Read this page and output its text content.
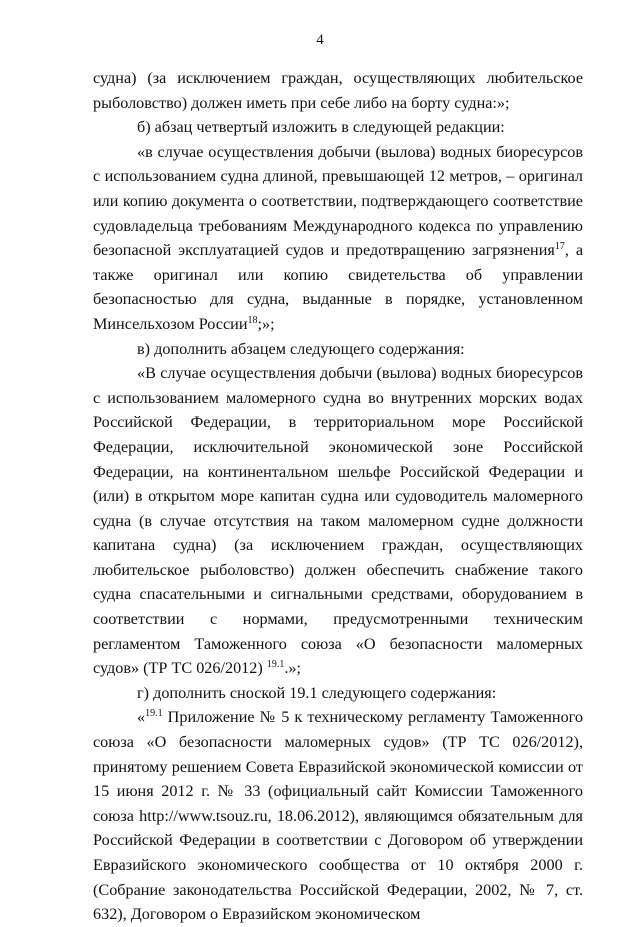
4

судна) (за исключением граждан, осуществляющих любительское рыболовство) должен иметь при себе либо на борту судна:»;

б) абзац четвертый изложить в следующей редакции:

«в случае осуществления добычи (вылова) водных биоресурсов с использованием судна длиной, превышающей 12 метров, – оригинал или копию документа о соответствии, подтверждающего соответствие судовладельца требованиям Международного кодекса по управлению безопасной эксплуатацией судов и предотвращению загрязнения$^{17}$, а также оригинал или копию свидетельства об управлении безопасностью для судна, выданные в порядке, установленном Минсельхозом России$^{18}$;»;

в) дополнить абзацем следующего содержания:

«В случае осуществления добычи (вылова) водных биоресурсов с использованием маломерного судна во внутренних морских водах Российской Федерации, в территориальном море Российской Федерации, исключительной экономической зоне Российской Федерации, на континентальном шельфе Российской Федерации и (или) в открытом море капитан судна или судоводитель маломерного судна (в случае отсутствия на таком маломерном судне должности капитана судна) (за исключением граждан, осуществляющих любительское рыболовство) должен обеспечить снабжение такого судна спасательными и сигнальными средствами, оборудованием в соответствии с нормами, предусмотренными техническим регламентом Таможенного союза «О безопасности маломерных судов» (ТР ТС 026/2012) $^{19.1}$.»;

г) дополнить сноской 19.1 следующего содержания:

«$^{19.1}$ Приложение № 5 к техническому регламенту Таможенного союза «О безопасности маломерных судов» (ТР ТС 026/2012), принятому решением Совета Евразийской экономической комиссии от 15 июня 2012 г. № 33 (официальный сайт Комиссии Таможенного союза http://www.tsouz.ru, 18.06.2012), являющимся обязательным для Российской Федерации в соответствии с Договором об утверждении Евразийского экономического сообщества от 10 октября 2000 г. (Собрание законодательства Российской Федерации, 2002, № 7, ст. 632), Договором о Евразийском экономическом
